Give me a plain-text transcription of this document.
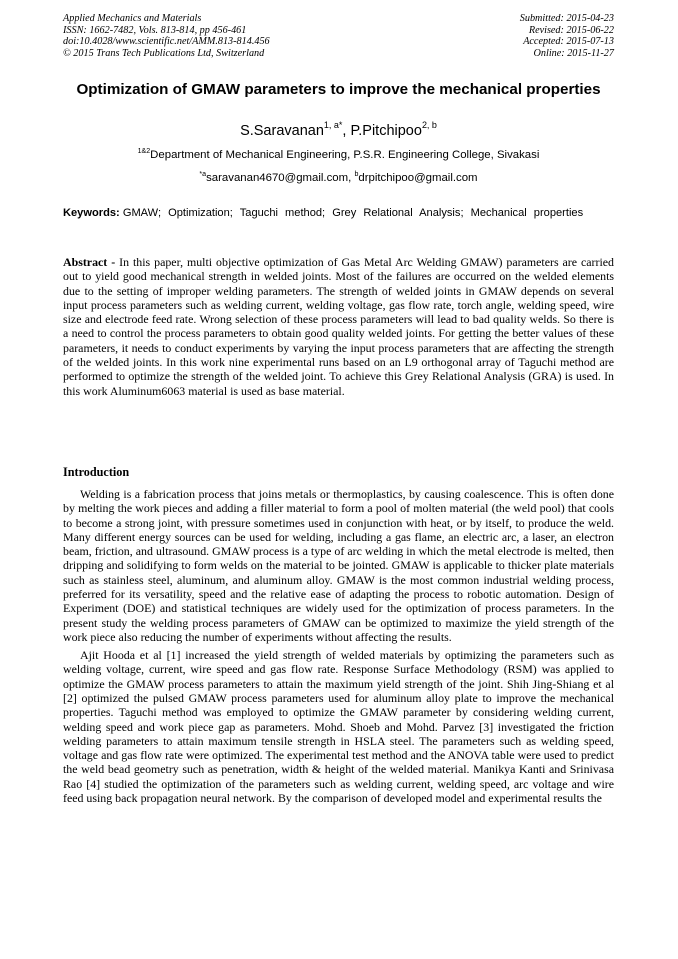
Applied Mechanics and Materials
ISSN: 1662-7482, Vols. 813-814, pp 456-461
doi:10.4028/www.scientific.net/AMM.813-814.456
© 2015 Trans Tech Publications Ltd, Switzerland
Submitted: 2015-04-23
Revised: 2015-06-22
Accepted: 2015-07-13
Online: 2015-11-27
Optimization of GMAW parameters to improve the mechanical properties
S.Saravanan$^{1, a*}$, P.Pitchipoo$^{2, b}$
$^{1\&2}$Department of Mechanical Engineering, P.S.R. Engineering College, Sivakasi
$^{*a}$saravanan4670@gmail.com, $^b$drpitchipoo@gmail.com
Keywords: GMAW; Optimization; Taguchi method; Grey Relational Analysis; Mechanical properties
Abstract - In this paper, multi objective optimization of Gas Metal Arc Welding GMAW) parameters are carried out to yield good mechanical strength in welded joints. Most of the failures are occurred on the welded elements due to the setting of improper welding parameters. The strength of welded joints in GMAW depends on several input process parameters such as welding current, welding voltage, gas flow rate, torch angle, welding speed, wire size and electrode feed rate. Wrong selection of these process parameters will lead to bad quality welds. So there is a need to control the process parameters to obtain good quality welded joints. For getting the better values of these parameters, it needs to conduct experiments by varying the input process parameters that are affecting the strength of the welded joints. In this work nine experimental runs based on an L9 orthogonal array of Taguchi method are performed to optimize the strength of the welded joint. To achieve this Grey Relational Analysis (GRA) is used. In this work Aluminum6063 material is used as base material.
Introduction

Welding is a fabrication process that joins metals or thermoplastics, by causing coalescence. This is often done by melting the work pieces and adding a filler material to form a pool of molten material (the weld pool) that cools to become a strong joint, with pressure sometimes used in conjunction with heat, or by itself, to produce the weld. Many different energy sources can be used for welding, including a gas flame, an electric arc, a laser, an electron beam, friction, and ultrasound. GMAW process is a type of arc welding in which the metal electrode is melted, then dripping and solidifying to form welds on the material to be jointed. GMAW is applicable to thicker plate materials such as stainless steel, aluminum, and aluminum alloy. GMAW is the most common industrial welding process, preferred for its versatility, speed and the relative ease of adapting the process to robotic automation. Design of Experiment (DOE) and statistical techniques are widely used for the optimization of process parameters. In the present study the welding process parameters of GMAW can be optimized to maximize the yield strength of the work piece also reducing the number of experiments without affecting the results.

Ajit Hooda et al [1] increased the yield strength of welded materials by optimizing the parameters such as welding voltage, current, wire speed and gas flow rate. Response Surface Methodology (RSM) was applied to optimize the GMAW process parameters to attain the maximum yield strength of the joint. Shih Jing-Shiang et al [2] optimized the pulsed GMAW process parameters used for aluminum alloy plate to improve the mechanical properties. Taguchi method was employed to optimize the GMAW parameter by considering welding current, welding speed and work piece gap as parameters. Mohd. Shoeb and Mohd. Parvez [3] investigated the friction welding parameters to attain maximum tensile strength in HSLA steel. The parameters such as welding speed, voltage and gas flow rate were optimized. The experimental test method and the ANOVA table were used to predict the weld bead geometry such as penetration, width & height of the welded material. Manikya Kanti and Srinivasa Rao [4] studied the optimization of the parameters such as welding current, welding speed, arc voltage and wire feed using back propagation neural network. By the comparison of developed model and experimental results the
